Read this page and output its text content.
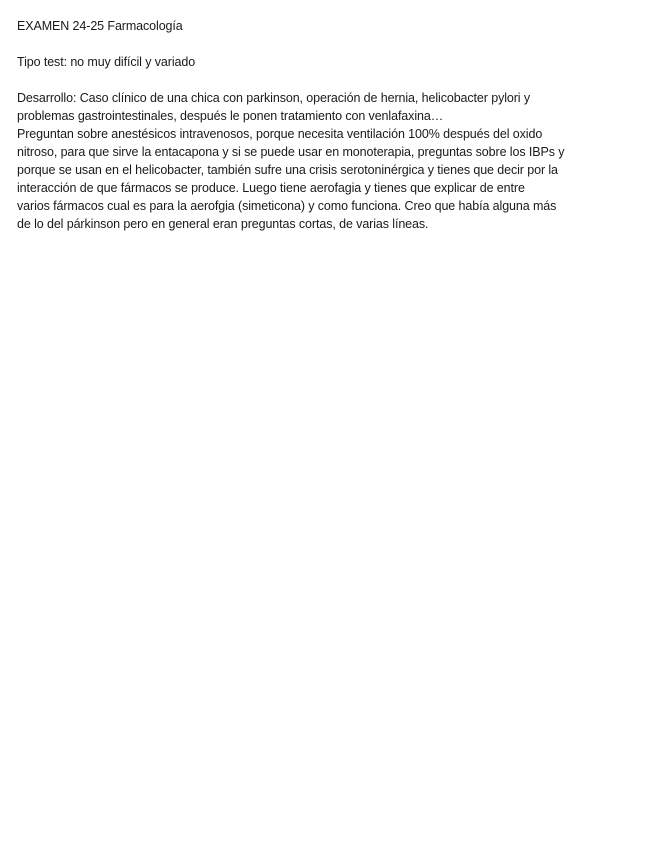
EXAMEN 24-25 Farmacología

Tipo test: no muy difícil y variado

Desarrollo: Caso clínico de una chica con parkinson, operación de hernia, helicobacter pylori y

problemas gastrointestinales, después le ponen tratamiento con venlafaxina…

Preguntan sobre anestésicos intravenosos, porque necesita ventilación 100% después del oxido

nitroso, para que sirve la entacapona y si se puede usar en monoterapia, preguntas sobre los IBPs y

porque se usan en el helicobacter, también sufre una crisis serotoninérgica y tienes que decir por la

interacción de que fármacos se produce. Luego tiene aerofagia y tienes que explicar de entre

varios fármacos cual es para la aerofgia (simeticona) y como funciona. Creo que había alguna más

de lo del párkinson pero en general eran preguntas cortas, de varias líneas.
